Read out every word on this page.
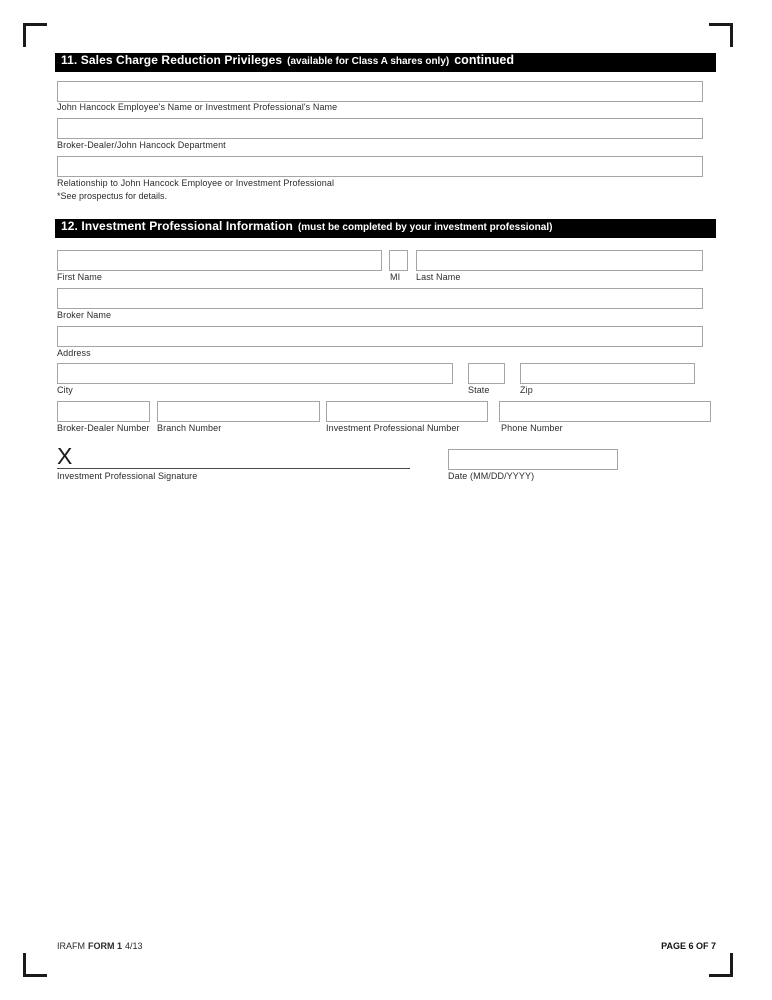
11. Sales Charge Reduction Privileges (available for Class A shares only) continued
John Hancock Employee's Name or Investment Professional's Name
Broker-Dealer/John Hancock Department
Relationship to John Hancock Employee or Investment Professional
*See prospectus for details.
12. Investment Professional Information (must be completed by your investment professional)
First Name	MI Last Name
Broker Name
Address
City	State	Zip
Broker-Dealer Number Branch Number	Investment Professional Number	Phone Number
X
Investment Professional Signature	Date (MM/DD/YYYY)
IRAFM FORM 1 4/13	PAGE 6 OF 7
